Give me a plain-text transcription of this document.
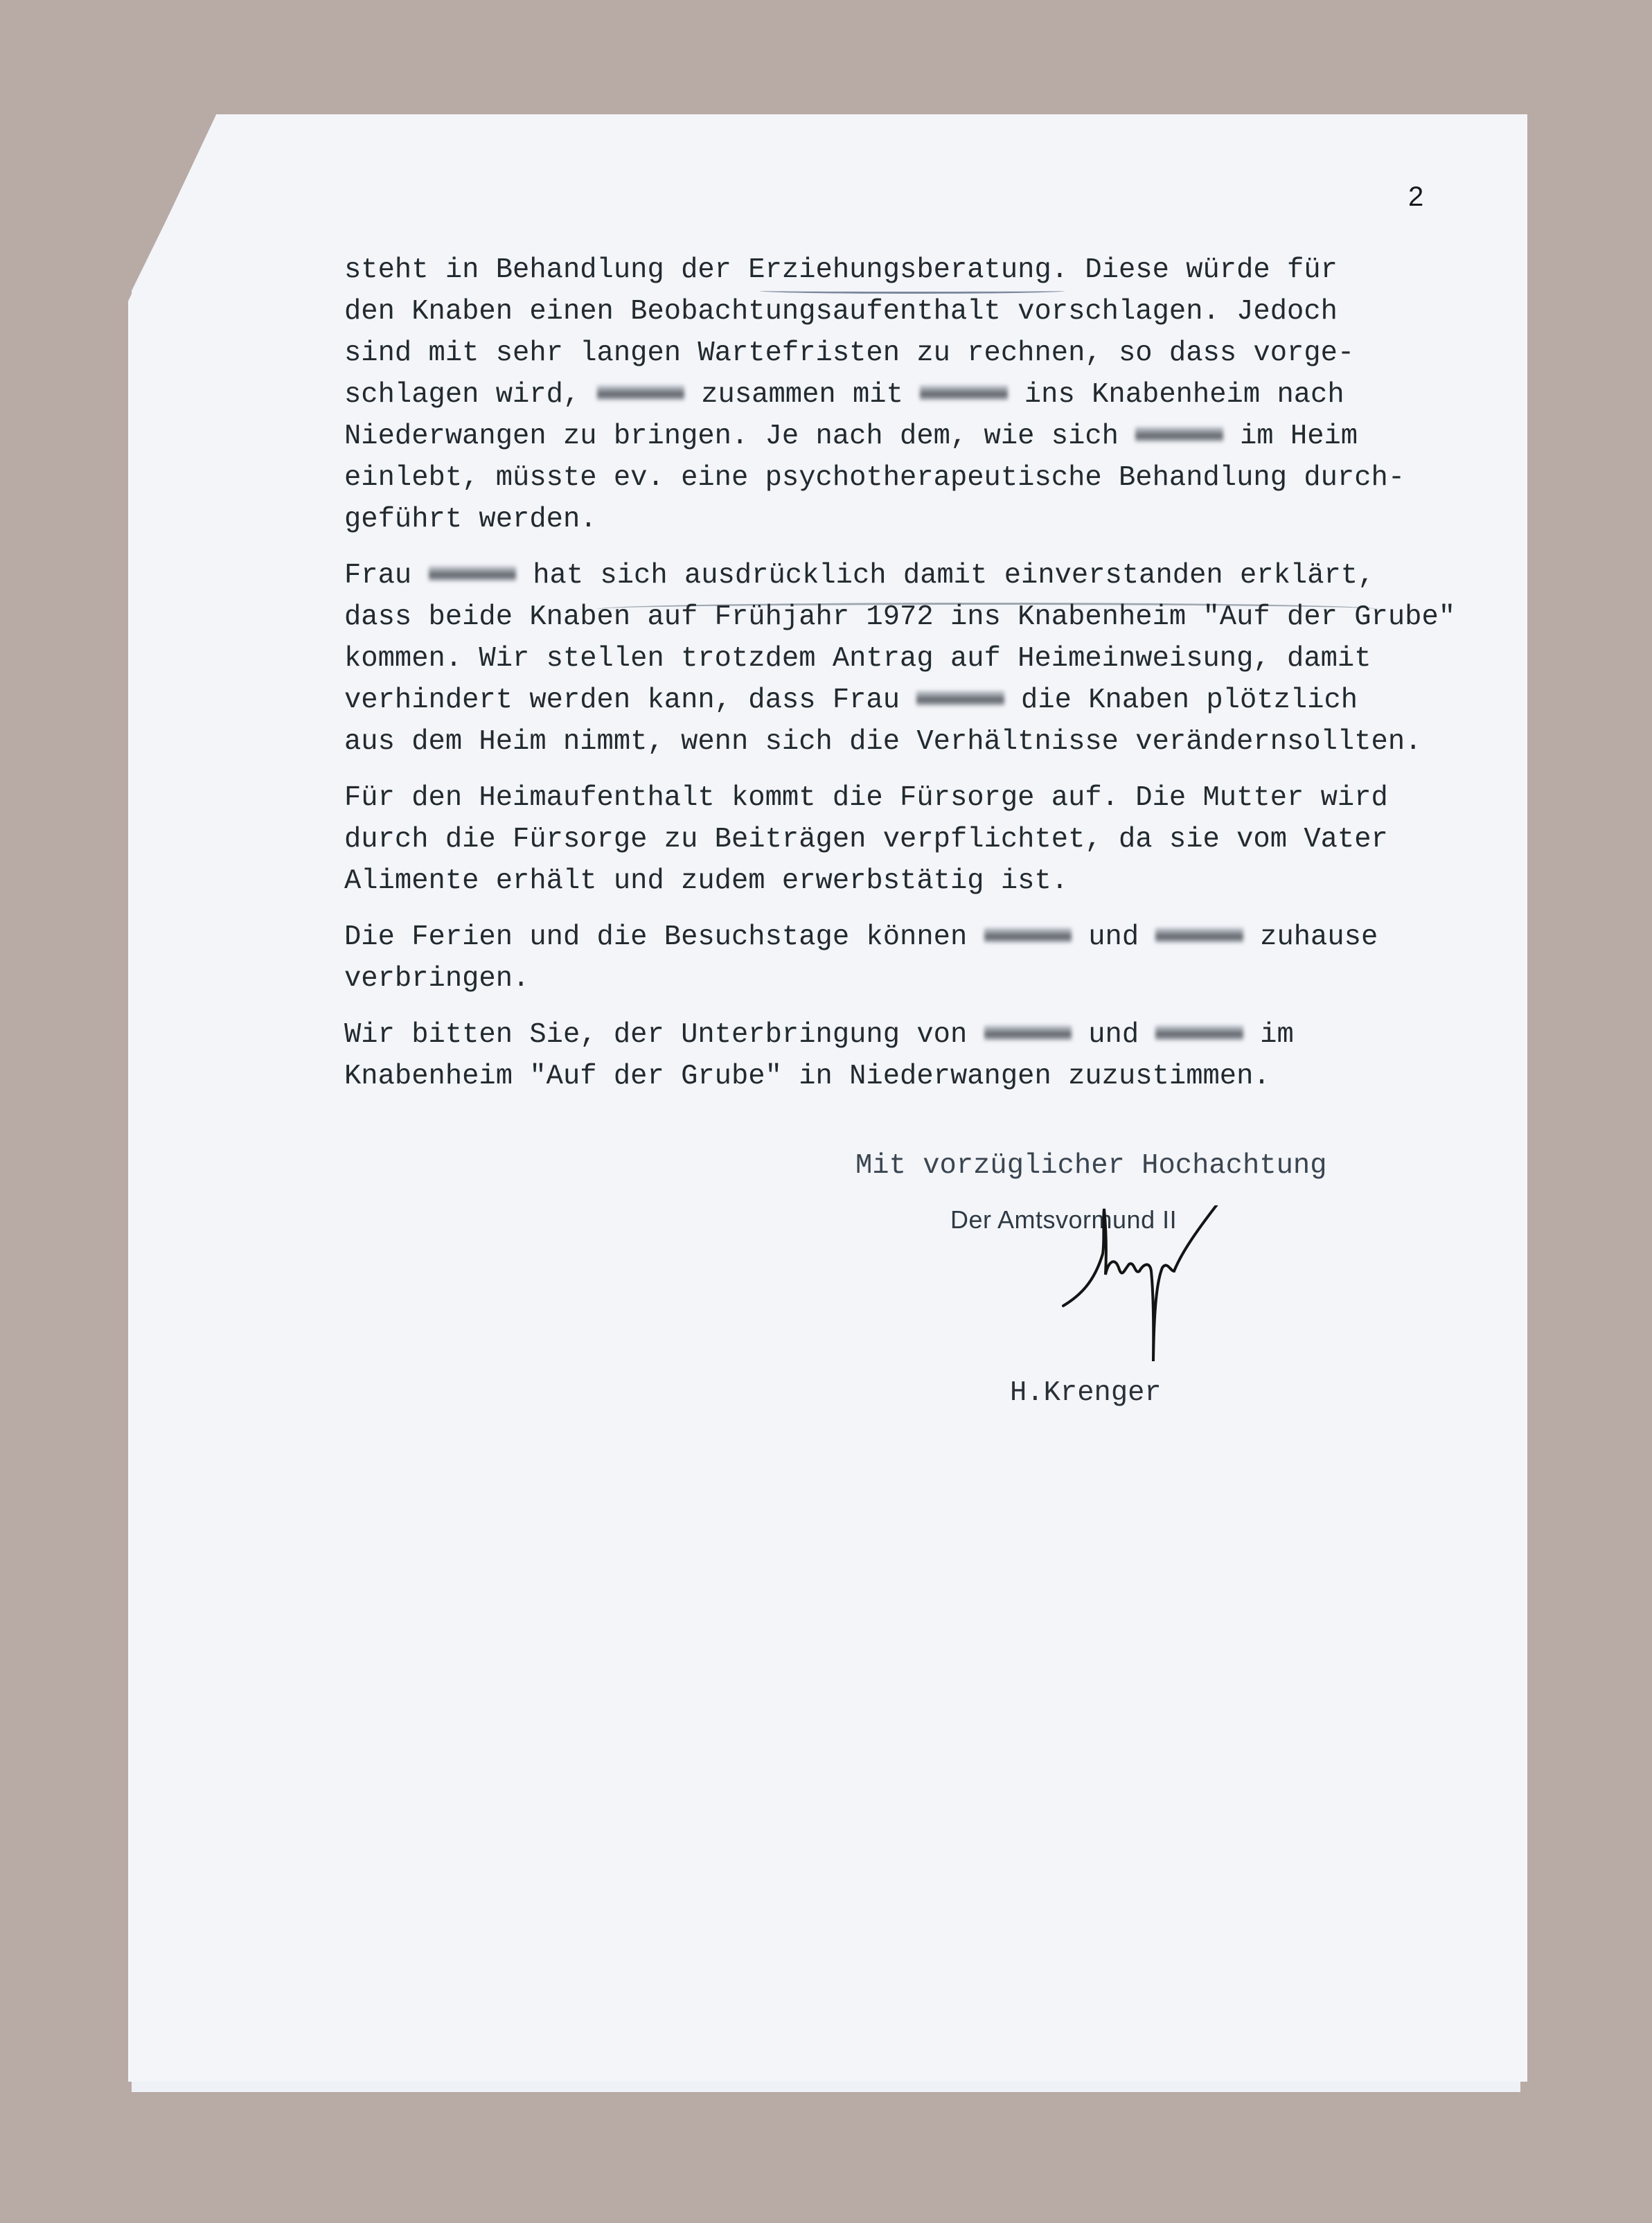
2
steht in Behandlung der Erziehungsberatung. Diese würde für
den Knaben einen Beobachtungsaufenthalt vorschlagen. Jedoch
sind mit sehr langen Wartefristen zu rechnen, so dass vorge-
schlagen wird,	zusammen mit	ins Knabenheim nach
Niederwangen zu bringen. Je nach dem, wie sich	im Heim
einlebt, müsste ev. eine psychotherapeutische Behandlung durch-
geführt werden.
Frau	hat sich ausdrücklich damit einverstanden erklärt,
dass beide Knaben auf Frühjahr 1972 ins Knabenheim "Auf der Grube"
kommen. Wir stellen trotzdem Antrag auf Heimeinweisung, damit
verhindert werden kann, dass Frau	die Knaben plötzlich
aus dem Heim nimmt, wenn sich die Verhältnisse verändernsollten.
Für den Heimaufenthalt kommt die Fürsorge auf. Die Mutter wird
durch die Fürsorge zu Beiträgen verpflichtet, da sie vom Vater
Alimente erhält und zudem erwerbstätig ist.
Die Ferien und die Besuchstage können	und	zuhause
verbringen.
Wir bitten Sie, der Unterbringung von	und	im
Knabenheim "Auf der Grube" in Niederwangen zuzustimmen.
Mit vorzüglicher Hochachtung
Der Amtsvormund II
H.Krenger
